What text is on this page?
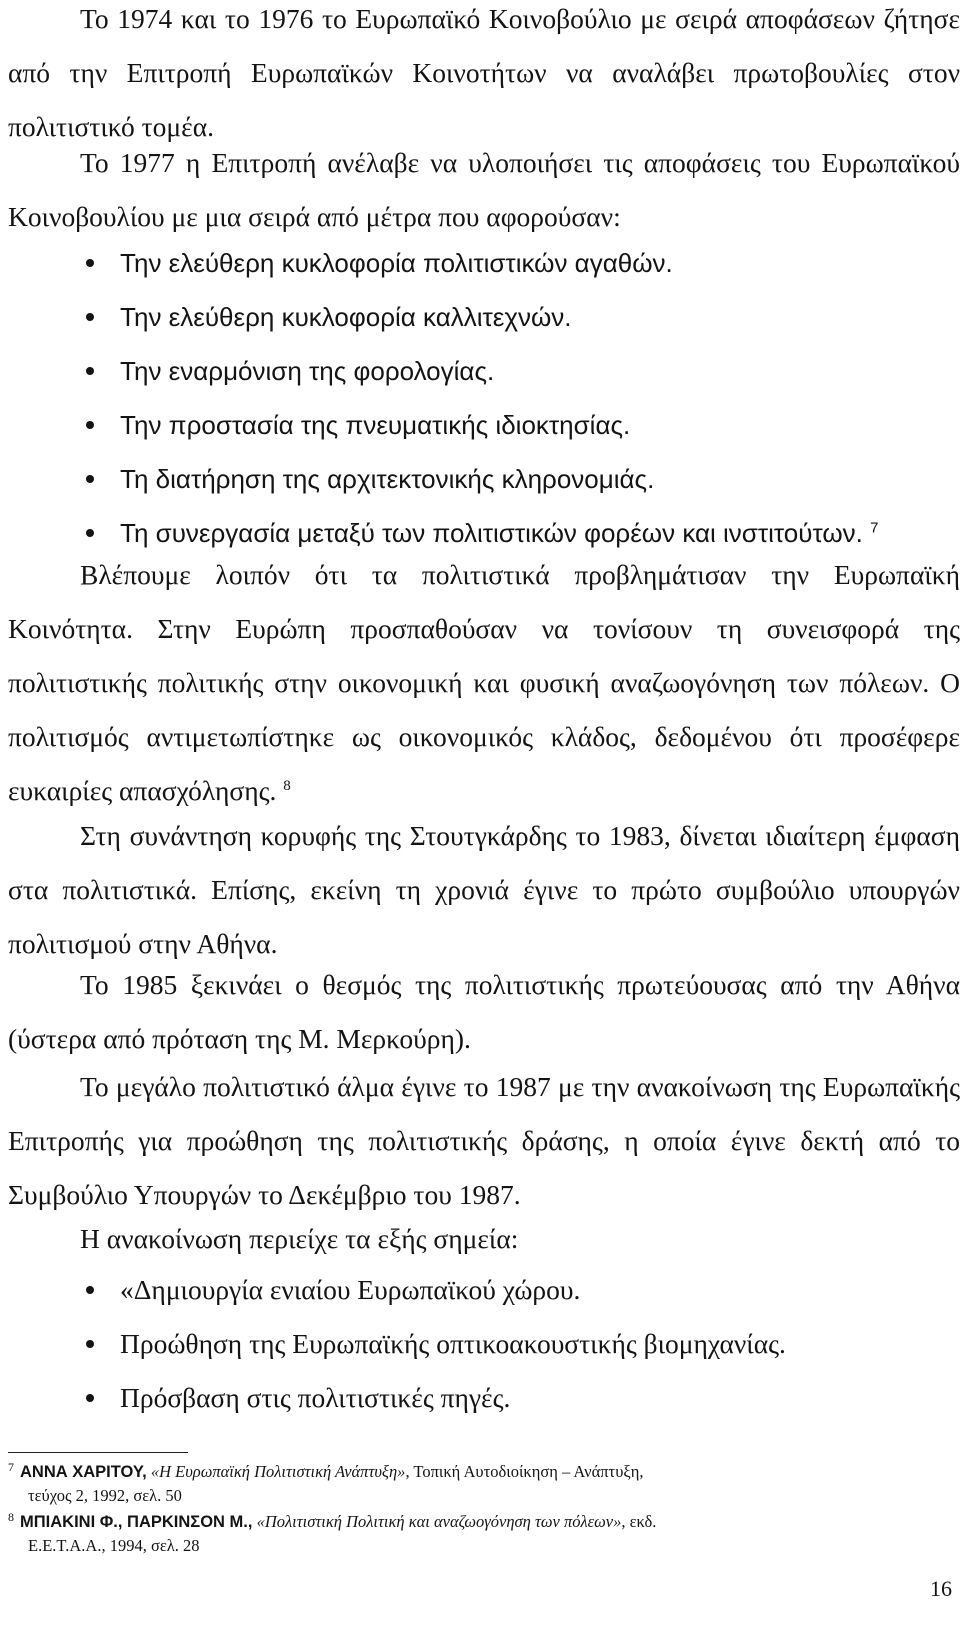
Το 1974 και το 1976 το Ευρωπαϊκό Κοινοβούλιο με σειρά αποφάσεων ζήτησε από την Επιτροπή Ευρωπαϊκών Κοινοτήτων να αναλάβει πρωτοβουλίες στον πολιτιστικό τομέα.

Το 1977 η Επιτροπή ανέλαβε να υλοποιήσει τις αποφάσεις του Ευρωπαϊκού Κοινοβουλίου με μια σειρά από μέτρα που αφορούσαν:

Την ελεύθερη κυκλοφορία πολιτιστικών αγαθών.
Την ελεύθερη κυκλοφορία καλλιτεχνών.
Την εναρμόνιση της φορολογίας.
Την προστασία της πνευματικής ιδιοκτησίας.
Τη διατήρηση της αρχιτεκτονικής κληρονομιάς.
Τη συνεργασία μεταξύ των πολιτιστικών φορέων και ινστιτούτων. $^7$

Βλέπουμε λοιπόν ότι τα πολιτιστικά προβλημάτισαν την Ευρωπαϊκή Κοινότητα. Στην Ευρώπη προσπαθούσαν να τονίσουν τη συνεισφορά της πολιτιστικής πολιτικής στην οικονομική και φυσική αναζωογόνηση των πόλεων. Ο πολιτισμός αντιμετωπίστηκε ως οικονομικός κλάδος, δεδομένου ότι προσέφερε ευκαιρίες απασχόλησης. $^8$

Στη συνάντηση κορυφής της Στουτγκάρδης το 1983, δίνεται ιδιαίτερη έμφαση στα πολιτιστικά. Επίσης, εκείνη τη χρονιά έγινε το πρώτο συμβούλιο υπουργών πολιτισμού στην Αθήνα.

Το 1985 ξεκινάει ο θεσμός της πολιτιστικής πρωτεύουσας από την Αθήνα (ύστερα από πρόταση της Μ. Μερκούρη).

Το μεγάλο πολιτιστικό άλμα έγινε το 1987 με την ανακοίνωση της Ευρωπαϊκής Επιτροπής για προώθηση της πολιτιστικής δράσης, η οποία έγινε δεκτή από το Συμβούλιο Υπουργών το Δεκέμβριο του 1987.

Η ανακοίνωση περιείχε τα εξής σημεία:

«Δημιουργία ενιαίου Ευρωπαϊκού χώρου.
Προώθηση της Ευρωπαϊκής οπτικοακουστικής βιομηχανίας.
Πρόσβαση στις πολιτιστικές πηγές.
$^7$ ΑΝΝΑ ΧΑΡΙΤΟΥ, «Η Ευρωπαϊκή Πολιτιστική Ανάπτυξη», Τοπική Αυτοδιοίκηση – Ανάπτυξη,
τεύχος 2, 1992, σελ. 50
$^8$ ΜΠΙΑΚΙΝΙ Φ., ΠΑΡΚΙΝΣΟΝ Μ., «Πολιτιστική Πολιτική και αναζωογόνηση των πόλεων», εκδ.
Ε.Ε.Τ.Α.Α., 1994, σελ. 28
16
